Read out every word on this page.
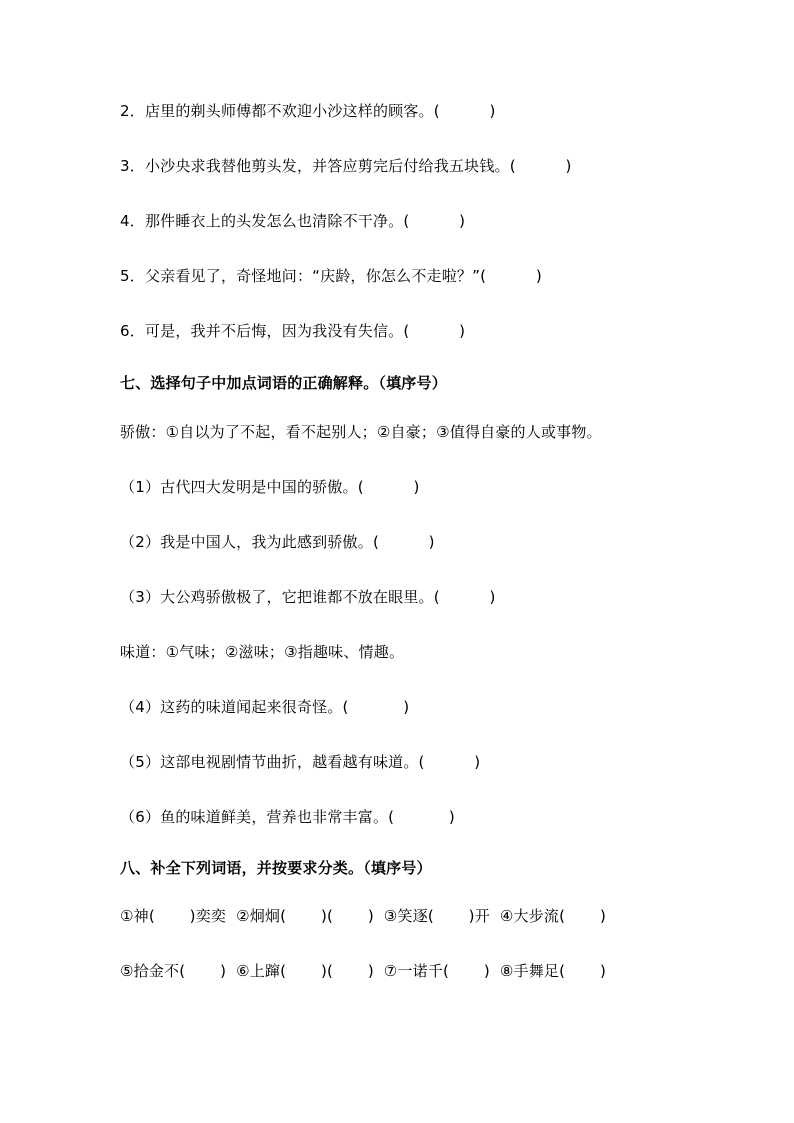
2．店里的剃头师傅都不欢迎小沙这样的顾客。(          )
3．小沙央求我替他剪头发，并答应剪完后付给我五块钱。(          )
4．那件睡衣上的头发怎么也清除不干净。(          )
5．父亲看见了，奇怪地问：“庆龄，你怎么不走啦？”(          )
6．可是，我并不后悔，因为我没有失信。(          )
七、选择句子中加点词语的正确解释。（填序号）
骄傲：①自以为了不起，看不起别人；②自豪；③值得自豪的人或事物。
（1）古代四大发明是中国的骄傲。(          )
（2）我是中国人，我为此感到骄傲。(          )
（3）大公鸡骄傲极了，它把谁都不放在眼里。(          )
味道：①气味；②滋味；③指趣味、情趣。
（4）这药的味道闻起来很奇怪。(           )
（5）这部电视剧情节曲折，越看越有味道。(          )
（6）鱼的味道鲜美，营养也非常丰富。(           )
八、补全下列词语，并按要求分类。（填序号）
①神(       )奕奕  ②炯炯(       )(       )  ③笑逐(       )开  ④大步流(       )
⑤拾金不(       )  ⑥上蹿(       )(       )  ⑦一诺千(       )  ⑧手舞足(       )
